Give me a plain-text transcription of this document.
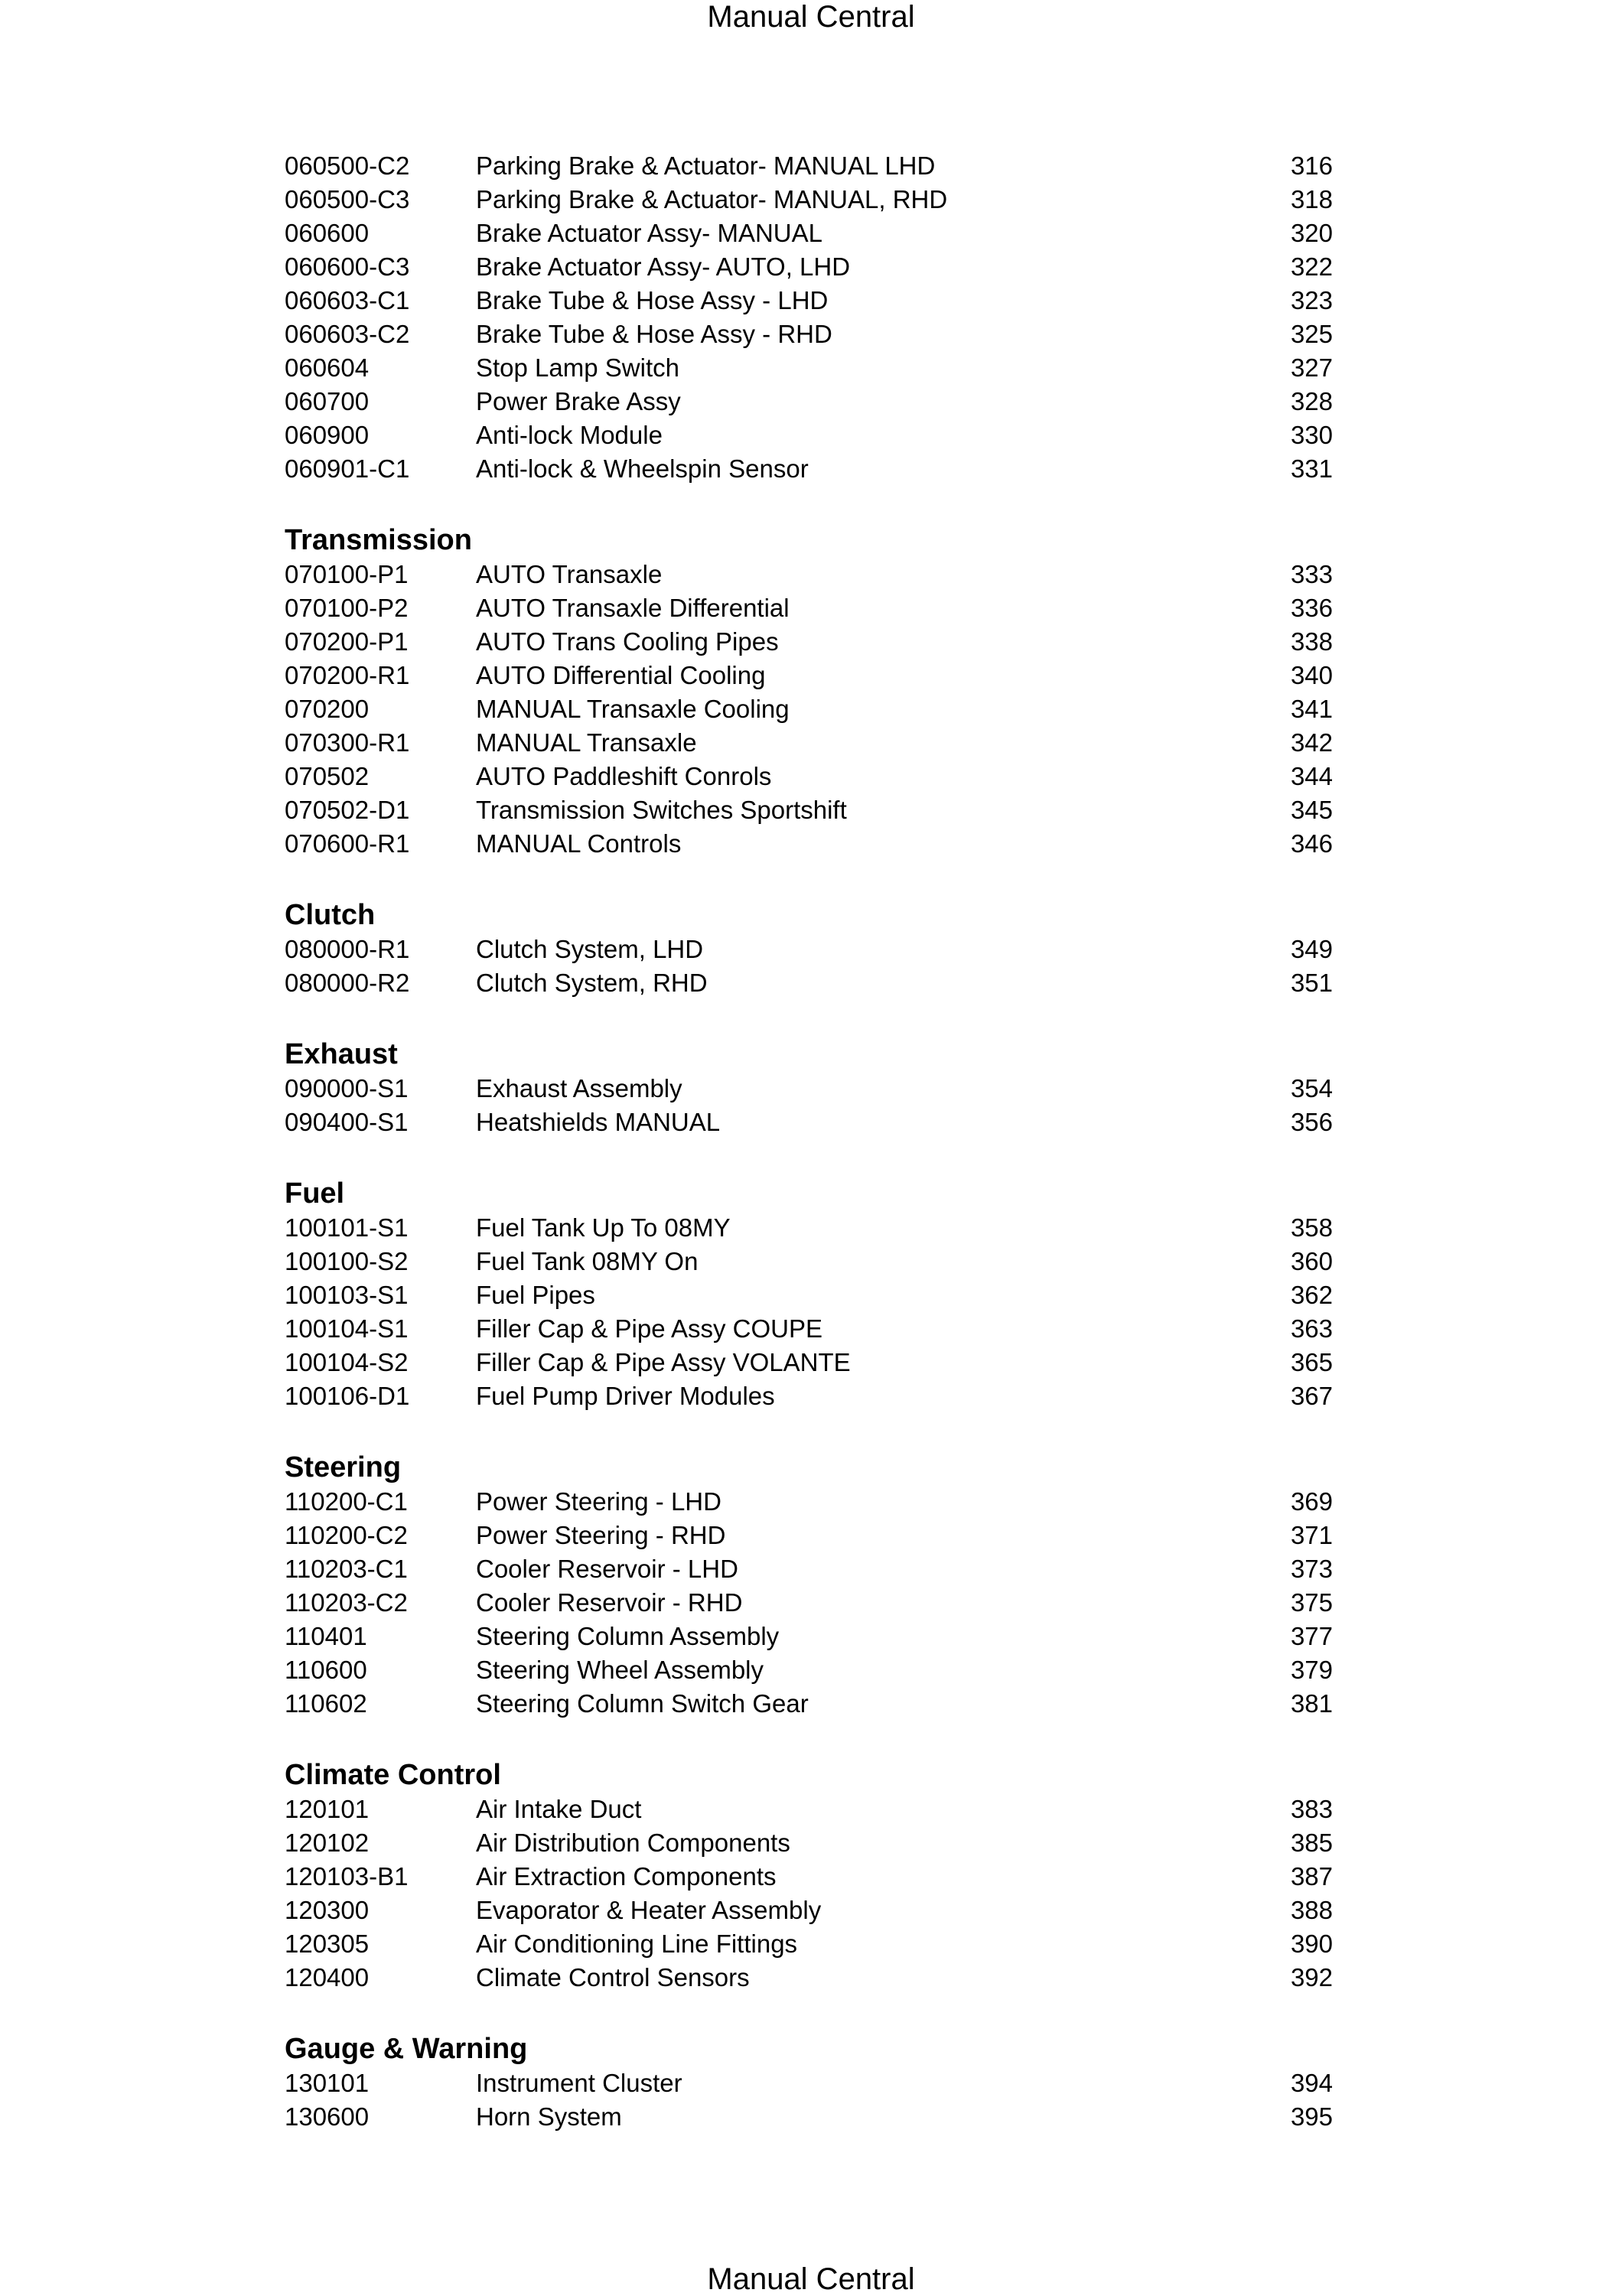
Manual Central
060500-C2	Parking Brake & Actuator- MANUAL LHD	316
060500-C3	Parking Brake & Actuator- MANUAL, RHD	318
060600	Brake Actuator Assy- MANUAL	320
060600-C3	Brake Actuator Assy- AUTO, LHD	322
060603-C1	Brake Tube & Hose Assy - LHD	323
060603-C2	Brake Tube & Hose Assy - RHD	325
060604	Stop Lamp Switch	327
060700	Power Brake Assy	328
060900	Anti-lock Module	330
060901-C1	Anti-lock & Wheelspin Sensor	331
Transmission
070100-P1	AUTO Transaxle	333
070100-P2	AUTO Transaxle Differential	336
070200-P1	AUTO Trans Cooling Pipes	338
070200-R1	AUTO Differential Cooling	340
070200	MANUAL Transaxle Cooling	341
070300-R1	MANUAL Transaxle	342
070502	AUTO Paddleshift Conrols	344
070502-D1	Transmission Switches Sportshift	345
070600-R1	MANUAL Controls	346
Clutch
080000-R1	Clutch System, LHD	349
080000-R2	Clutch System, RHD	351
Exhaust
090000-S1	Exhaust Assembly	354
090400-S1	Heatshields MANUAL	356
Fuel
100101-S1	Fuel Tank Up To 08MY	358
100100-S2	Fuel Tank 08MY On	360
100103-S1	Fuel Pipes	362
100104-S1	Filler Cap & Pipe Assy COUPE	363
100104-S2	Filler Cap & Pipe Assy VOLANTE	365
100106-D1	Fuel Pump Driver Modules	367
Steering
110200-C1	Power Steering - LHD	369
110200-C2	Power Steering - RHD	371
110203-C1	Cooler Reservoir - LHD	373
110203-C2	Cooler Reservoir - RHD	375
110401	Steering Column Assembly	377
110600	Steering Wheel Assembly	379
110602	Steering Column Switch Gear	381
Climate Control
120101	Air Intake Duct	383
120102	Air Distribution Components	385
120103-B1	Air Extraction Components	387
120300	Evaporator & Heater Assembly	388
120305	Air Conditioning Line Fittings	390
120400	Climate Control Sensors	392
Gauge & Warning
130101	Instrument Cluster	394
130600	Horn System	395
Manual Central
